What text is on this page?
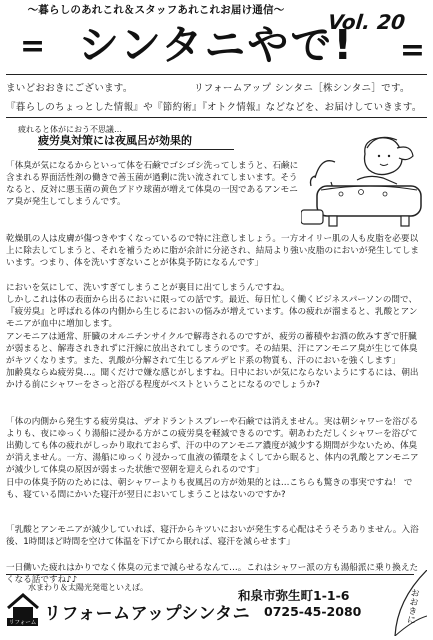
〜暮らしのあれこれ＆スタッフあれこれお届け通信〜
= シンタニやで! =
Vol. 20
まいどおおきにございます。	リフォームアップ シンタニ［株シンタニ］です。
『暮らしのちょっとした情報』や『節約術』『オトク情報』などなどを、お届けしていきます。

疲れると体がにおう不思議…

疲労臭対策には夜風呂が効果的

「体臭が気になるからといって体を石鹸でゴシゴシ洗ってしまうと、石鹸に含まれる界面活性剤の働きで善玉菌が過剰に洗い流されてしまいます。そうなると、反対に悪玉菌の黄色ブドウ球菌が増えて体臭の一因であるアンモニア臭が発生してしまうんです。

乾燥肌の人は皮膚が傷つきやすくなっているので特に注意しましょう。一方オイリー肌の人も皮脂を必要以上に除去してしまうと、それを補うために脂が余計に分泌され、結局より強い皮脂のにおいが発生してしまいます。つまり、体を洗いすぎないことが体臭予防になるんです」

においを気にして、洗いすぎてしまうことが裏目に出てしまうんですね。
しかしこれは体の表面から出るにおいに限っての話です。最近、毎日忙しく働くビジネスパーソンの間で、『疲労臭』と呼ばれる体の内側から生じるにおいの悩みが増えています。体の疲れが溜まると、乳酸とアンモニアが血中に増加します。

アンモニアは通常、肝臓のオルニチンサイクルで解毒されるのですが、疲労の蓄積やお酒の飲みすぎで肝臓が弱まると、解毒されきれずに汗線に放出されてしまうのです。その結果、汗にアンモニア臭が生じて体臭がキツくなります。また、乳酸が分解されて生じるアルデヒド系の物質も、汗のにおいを強くします」
加齢臭ならぬ疲労臭…。聞くだけで嫌な感じがしますね。日中においが気にならないようにするには、朝出かける前にシャワーをさっと浴びる程度がベストということになるのでしょうか?

「体の内側から発生する疲労臭は、デオドラントスプレーや石鹸では消えません。実は朝シャワーを浴びるよりも、夜にゆっくり湯船に浸かる方がこの疲労臭を軽減できるのです。朝あわただしくシャワーを浴びて出勤しても体の疲れがしっかり取れておらず、汗の中のアンモニア濃度が減少する期間が少ないため、体臭が消えません。一方、湯船にゆっくり浸かって血液の循環をよくしてから眠ると、体内の乳酸とアンモニアが減少して体臭の原因が弱まった状態で翌朝を迎えられるのです」

日中の体臭予防のためには、朝シャワーよりも夜風呂の方が効果的とは…こちらも驚きの事実ですね！ でも、寝ている間にかいた寝汗が翌日においてしまうことはないのですか?

「乳酸とアンモニアが減少していれば、寝汗からキツいにおいが発生する心配はそうそうありません。入浴後、1時間ほど時間を空けて体温を下げてから眠れば、寝汗を減らせます」

一日働いた疲れはかりでなく体臭の元まで減らせるなんて…。これはシャワー派の方も湯船派に乗り換えたくなる話ですね♪♪

水まわり＆太陽光発電といえば。
リフォーム リフォームアップシンタニ
和泉市弥生町1-1-6
0725-45-2080	おおきに
